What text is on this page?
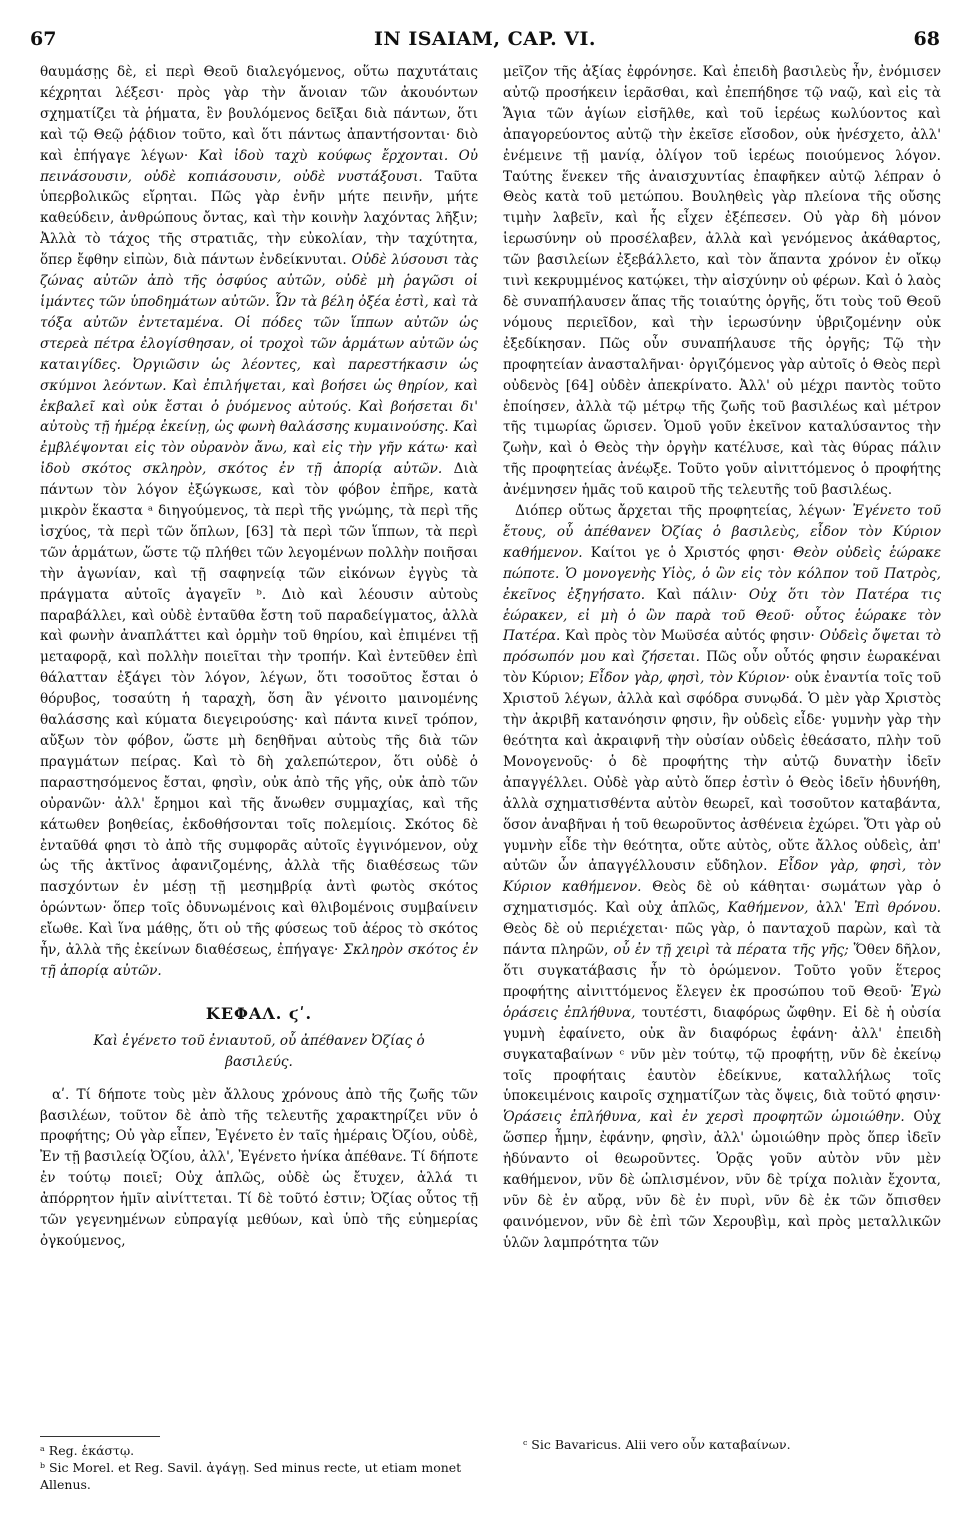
67	IN ISAIAM, CAP. VI.	68

θαυμάσῃς δὲ, εἰ περὶ Θεοῦ διαλεγόμενος, οὕτω παχυτάταις κέχρηται λέξεσι· πρὸς γὰρ τὴν ἄνοιαν τῶν ἀκουόντων σχηματίζει τὰ ῥήματα, ἓν βουλόμενος δεῖξαι διὰ πάντων, ὅτι καὶ τῷ Θεῷ ῥᾴδιον τοῦτο, καὶ ὅτι πάντως ἀπαντήσονται· διὸ καὶ ἐπήγαγε λέγων· Καὶ ἰδοὺ ταχὺ κούφως ἔρχονται. Οὐ πεινάσουσιν, οὐδὲ κοπιάσουσιν, οὐδὲ νυστάξουσι. Ταῦτα ὑπερβολικῶς εἴρηται. Πῶς γὰρ ἐνῆν μήτε πεινῆν, μήτε καθεύδειν, ἀνθρώπους ὄντας, καὶ τὴν κοινὴν λαχόντας λῆξιν; Ἀλλὰ τὸ τάχος τῆς στρατιᾶς, τὴν εὐκολίαν, τὴν ταχύτητα, ὅπερ ἔφθην εἰπὼν, διὰ πάντων ἐνδείκνυται. Οὐδὲ λύσουσι τὰς ζώνας αὐτῶν ἀπὸ τῆς ὀσφύος αὐτῶν, οὐδὲ μὴ ῥαγῶσι οἱ ἱμάντες τῶν ὑποδημάτων αὐτῶν. Ὧν τὰ βέλη ὀξέα ἐστὶ, καὶ τὰ τόξα αὐτῶν ἐντεταμένα. Οἱ πόδες τῶν ἵππων αὐτῶν ὡς στερεὰ πέτρα ἐλογίσθησαν, οἱ τροχοὶ τῶν ἁρμάτων αὐτῶν ὡς καταιγίδες. Ὀργιῶσιν ὡς λέοντες, καὶ παρεστήκασιν ὡς σκύμνοι λεόντων. Καὶ ἐπιλήψεται, καὶ βοήσει ὡς θηρίον, καὶ ἐκβαλεῖ καὶ οὐκ ἔσται ὁ ῥυόμενος αὐτούς. Καὶ βοήσεται δι' αὐτοὺς τῇ ἡμέρᾳ ἐκείνῃ, ὡς φωνὴ θαλάσσης κυμαινούσης. Καὶ ἐμβλέψονται εἰς τὸν οὐρανὸν ἄνω, καὶ εἰς τὴν γῆν κάτω· καὶ ἰδοὺ σκότος σκληρὸν, σκότος ἐν τῇ ἀπορίᾳ αὐτῶν. Διὰ πάντων τὸν λόγον ἐξώγκωσε, καὶ τὸν φόβον ἐπῆρε, κατὰ μικρὸν ἕκαστα ᵃ διηγούμενος, τὰ περὶ τῆς γνώμης, τὰ περὶ τῆς ἰσχύος, τὰ περὶ τῶν ὅπλων, [63] τὰ περὶ τῶν ἵππων, τὰ περὶ τῶν ἁρμάτων, ὥστε τῷ πλήθει τῶν λεγομένων πολλὴν ποιῆσαι τὴν ἀγωνίαν, καὶ τῇ σαφηνείᾳ τῶν εἰκόνων ἐγγὺς τὰ πράγματα αὐτοῖς ἀγαγεῖν ᵇ. Διὸ καὶ λέουσιν αὐτοὺς παραβάλλει, καὶ οὐδὲ ἐνταῦθα ἔστη τοῦ παραδείγματος, ἀλλὰ καὶ φωνὴν ἀναπλάττει καὶ ὁρμὴν τοῦ θηρίου, καὶ ἐπιμένει τῇ μεταφορᾷ, καὶ πολλὴν ποιεῖται τὴν τροπήν. Καὶ ἐντεῦθεν ἐπὶ θάλατταν ἐξάγει τὸν λόγον, λέγων, ὅτι τοσοῦτος ἔσται ὁ θόρυβος, τοσαύτη ἡ ταραχὴ, ὅση ἂν γένοιτο μαινομένης θαλάσσης καὶ κύματα διεγειρούσης· καὶ πάντα κινεῖ τρόπον, αὔξων τὸν φόβον, ὥστε μὴ δεηθῆναι αὐτοὺς τῆς διὰ τῶν πραγμάτων πείρας. Καὶ τὸ δὴ χαλεπώτερον, ὅτι οὐδὲ ὁ παραστησόμενος ἔσται, φησὶν, οὐκ ἀπὸ τῆς γῆς, οὐκ ἀπὸ τῶν οὐρανῶν· ἀλλ' ἔρημοι καὶ τῆς ἄνωθεν συμμαχίας, καὶ τῆς κάτωθεν βοηθείας, ἐκδοθήσονται τοῖς πολεμίοις. Σκότος δὲ ἐνταῦθά φησι τὸ ἀπὸ τῆς συμφορᾶς αὐτοῖς ἐγγινόμενον, οὐχ ὡς τῆς ἀκτῖνος ἀφανιζομένης, ἀλλὰ τῆς διαθέσεως τῶν πασχόντων ἐν μέσῃ τῇ μεσημβρίᾳ ἀντὶ φωτὸς σκότος ὁρώντων· ὅπερ τοῖς ὀδυνωμένοις καὶ θλιβομένοις συμβαίνειν εἴωθε. Καὶ ἵνα μάθῃς, ὅτι οὐ τῆς φύσεως τοῦ ἀέρος τὸ σκότος ἦν, ἀλλὰ τῆς ἐκείνων διαθέσεως, ἐπήγαγε· Σκληρὸν σκότος ἐν τῇ ἀπορίᾳ αὐτῶν.

ΚΕΦΑΛ. ϛʹ.
Καὶ ἐγένετο τοῦ ἐνιαυτοῦ, οὗ ἀπέθανεν Ὀζίας ὁ βασιλεύς.

αʹ. Τί δήποτε τοὺς μὲν ἄλλους χρόνους ἀπὸ τῆς ζωῆς τῶν βασιλέων, τοῦτον δὲ ἀπὸ τῆς τελευτῆς χαρακτηρίζει νῦν ὁ προφήτης; Οὐ γὰρ εἶπεν, Ἐγένετο ἐν ταῖς ἡμέραις Ὀζίου, οὐδὲ, Ἐν τῇ βασιλείᾳ Ὀζίου, ἀλλ', Ἐγένετο ἡνίκα ἀπέθανε. Τί δήποτε ἐν τούτῳ ποιεῖ; Οὐχ ἁπλῶς, οὐδὲ ὡς ἔτυχεν, ἀλλά τι ἀπόρρητον ἡμῖν αἰνίττεται. Τί δὲ τοῦτό ἐστιν; Ὀζίας οὗτος τῇ τῶν γεγενημένων εὐπραγίᾳ μεθύων, καὶ ὑπὸ τῆς εὐημερίας ὀγκούμενος,

μεῖζον τῆς ἀξίας ἐφρόνησε. Καὶ ἐπειδὴ βασιλεὺς ἦν, ἐνόμισεν αὐτῷ προσήκειν ἱερᾶσθαι, καὶ ἐπεπήδησε τῷ ναῷ, καὶ εἰς τὰ Ἅγια τῶν ἁγίων εἰσῆλθε, καὶ τοῦ ἱερέως κωλύοντος καὶ ἀπαγορεύοντος αὐτῷ τὴν ἐκεῖσε εἴσοδον, οὐκ ἠνέσχετο, ἀλλ' ἐνέμεινε τῇ μανίᾳ, ὀλίγον τοῦ ἱερέως ποιούμενος λόγον. Ταύτης ἕνεκεν τῆς ἀναισχυντίας ἐπαφῆκεν αὐτῷ λέπραν ὁ Θεὸς κατὰ τοῦ μετώπου. Βουληθεὶς γὰρ πλείονα τῆς οὔσης τιμὴν λαβεῖν, καὶ ἧς εἶχεν ἐξέπεσεν. Οὐ γὰρ δὴ μόνον ἱερωσύνην οὐ προσέλαβεν, ἀλλὰ καὶ γενόμενος ἀκάθαρτος, τῶν βασιλείων ἐξεβάλλετο, καὶ τὸν ἅπαντα χρόνον ἐν οἴκῳ τινὶ κεκρυμμένος κατῴκει, τὴν αἰσχύνην οὐ φέρων. Καὶ ὁ λαὸς δὲ συναπήλαυσεν ἅπας τῆς τοιαύτης ὀργῆς, ὅτι τοὺς τοῦ Θεοῦ νόμους περιεῖδον, καὶ τὴν ἱερωσύνην ὑβριζομένην οὐκ ἐξεδίκησαν. Πῶς οὖν συναπήλαυσε τῆς ὀργῆς; Τῷ τὴν προφητείαν ἀνασταλῆναι· ὀργιζόμενος γὰρ αὐτοῖς ὁ Θεὸς περὶ οὐδενὸς [64] οὐδὲν ἀπεκρίνατο. Ἀλλ' οὐ μέχρι παντὸς τοῦτο ἐποίησεν, ἀλλὰ τῷ μέτρῳ τῆς ζωῆς τοῦ βασιλέως καὶ μέτρον τῆς τιμωρίας ὥρισεν. Ὁμοῦ γοῦν ἐκεῖνον καταλύσαντος τὴν ζωὴν, καὶ ὁ Θεὸς τὴν ὀργὴν κατέλυσε, καὶ τὰς θύρας πάλιν τῆς προφητείας ἀνέῳξε. Τοῦτο γοῦν αἰνιττόμενος ὁ προφήτης ἀνέμνησεν ἡμᾶς τοῦ καιροῦ τῆς τελευτῆς τοῦ βασιλέως.

Διόπερ οὕτως ἄρχεται τῆς προφητείας, λέγων· Ἐγένετο τοῦ ἔτους, οὗ ἀπέθανεν Ὀζίας ὁ βασιλεὺς, εἶδον τὸν Κύριον καθήμενον. Καίτοι γε ὁ Χριστός φησι· Θεὸν οὐδεὶς ἑώρακε πώποτε. Ὁ μονογενὴς Υἱὸς, ὁ ὢν εἰς τὸν κόλπον τοῦ Πατρὸς, ἐκεῖνος ἐξηγήσατο. Καὶ πάλιν· Οὐχ ὅτι τὸν Πατέρα τις ἑώρακεν, εἰ μὴ ὁ ὢν παρὰ τοῦ Θεοῦ· οὗτος ἑώρακε τὸν Πατέρα. Καὶ πρὸς τὸν Μωϋσέα αὐτός φησιν· Οὐδεὶς ὄψεται τὸ πρόσωπόν μου καὶ ζήσεται. Πῶς οὖν οὗτός φησιν ἑωρακέναι τὸν Κύριον; Εἶδον γὰρ, φησὶ, τὸν Κύριον· οὐκ ἐναντία τοῖς τοῦ Χριστοῦ λέγων, ἀλλὰ καὶ σφόδρα συνῳδά. Ὁ μὲν γὰρ Χριστὸς τὴν ἀκριβῆ κατανόησιν φησιν, ἣν οὐδεὶς εἶδε· γυμνὴν γὰρ τὴν θεότητα καὶ ἀκραιφνῆ τὴν οὐσίαν οὐδεὶς ἐθεάσατο, πλὴν τοῦ Μονογενοῦς· ὁ δὲ προφήτης τὴν αὐτῷ δυνατὴν ἰδεῖν ἀπαγγέλλει. Οὐδὲ γὰρ αὐτὸ ὅπερ ἐστὶν ὁ Θεὸς ἰδεῖν ἠδυνήθη, ἀλλὰ σχηματισθέντα αὐτὸν θεωρεῖ, καὶ τοσοῦτον καταβάντα, ὅσον ἀναβῆναι ἡ τοῦ θεωροῦντος ἀσθένεια ἐχώρει. Ὅτι γὰρ οὐ γυμνὴν εἶδε τὴν θεότητα, οὔτε αὐτὸς, οὔτε ἄλλος οὐδεὶς, ἀπ' αὐτῶν ὧν ἀπαγγέλλουσιν εὔδηλον. Εἶδον γὰρ, φησὶ, τὸν Κύριον καθήμενον. Θεὸς δὲ οὐ κάθηται· σωμάτων γὰρ ὁ σχηματισμός. Καὶ οὐχ ἁπλῶς, Καθήμενον, ἀλλ' Ἐπὶ θρόνου. Θεὸς δὲ οὐ περιέχεται· πῶς γὰρ, ὁ πανταχοῦ παρὼν, καὶ τὰ πάντα πληρῶν, οὗ ἐν τῇ χειρὶ τὰ πέρατα τῆς γῆς; Ὅθεν δῆλον, ὅτι συγκατάβασις ἦν τὸ ὁρώμενον. Τοῦτο γοῦν ἕτερος προφήτης αἰνιττόμενος ἔλεγεν ἐκ προσώπου τοῦ Θεοῦ· Ἐγὼ ὁράσεις ἐπλήθυνα, τουτέστι, διαφόρως ὤφθην. Εἰ δὲ ἡ οὐσία γυμνὴ ἐφαίνετο, οὐκ ἂν διαφόρως ἐφάνη· ἀλλ' ἐπειδὴ συγκαταβαίνων ᶜ νῦν μὲν τούτῳ, τῷ προφήτῃ, νῦν δὲ ἐκείνῳ τοῖς προφήταις ἑαυτὸν ἐδείκνυε, καταλλήλως τοῖς ὑποκειμένοις καιροῖς σχηματίζων τὰς ὄψεις, διὰ τοῦτό φησιν· Ὁράσεις ἐπλήθυνα, καὶ ἐν χερσὶ προφητῶν ὡμοιώθην. Οὐχ ὥσπερ ἦμην, ἐφάνην, φησὶν, ἀλλ' ὡμοιώθην πρὸς ὅπερ ἰδεῖν ἠδύναντο οἱ θεωροῦντες. Ὁρᾷς γοῦν αὐτὸν νῦν μὲν καθήμενον, νῦν δὲ ὡπλισμένον, νῦν δὲ τρίχα πολιὰν ἔχοντα, νῦν δὲ ἐν αὔρᾳ, νῦν δὲ ἐν πυρὶ, νῦν δὲ ἐκ τῶν ὄπισθεν φαινόμενον, νῦν δὲ ἐπὶ τῶν Χερουβὶμ, καὶ πρὸς μεταλλικῶν ὑλῶν λαμπρότητα τῶν

ᵃ Reg. ἑκάστῳ.

ᵇ Sic Morel. et Reg. Savil. ἀγάγῃ. Sed minus recte, ut etiam monet Allenus.

ᶜ Sic Bavaricus. Alii vero οὖν καταβαίνων.
